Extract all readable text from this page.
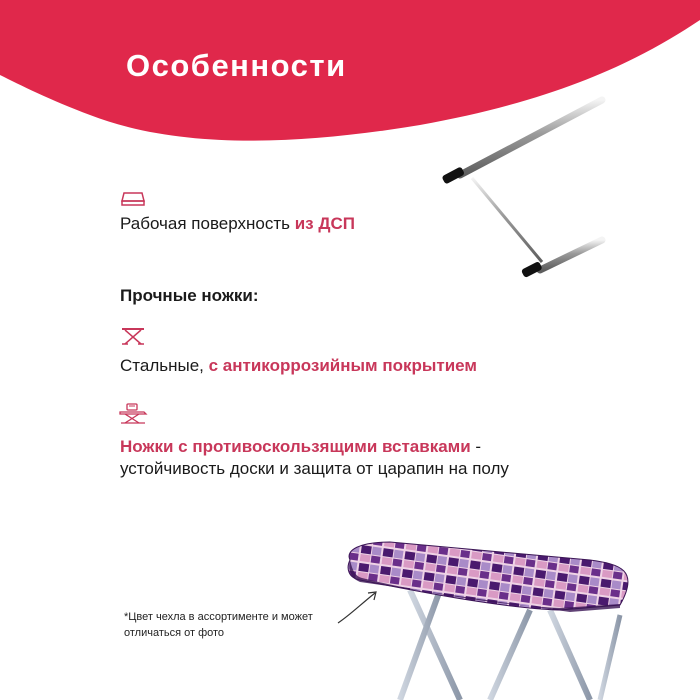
Особенности

Рабочая поверхность из ДСП

Прочные ножки:

Стальные, с антикоррозийным покрытием

Ножки с противоскользящими вставками -

устойчивость доски и защита от царапин на полу

*Цвет чехла в ассортименте и может
отличаться от фото
